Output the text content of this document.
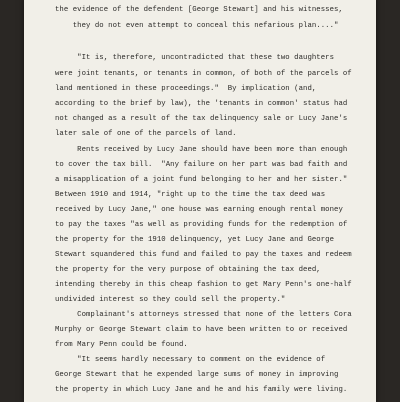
the evidence of the defendent [George Stewart] and his witnesses,
they do not even attempt to conceal this nefarious plan...."
"It is, therefore, uncontradicted that these two daughters
were joint tenants, or tenants in common, of both of the parcels of
land mentioned in these proceedings."  By implication (and,
according to the brief by law), the 'tenants in common' status had
not changed as a result of the tax delinquency sale or Lucy Jane's
later sale of one of the parcels of land.
Rents received by Lucy Jane should have been more than enough
to cover the tax bill.  "Any failure on her part was bad faith and
a misapplication of a joint fund belonging to her and her sister."
Between 1910 and 1914, "right up to the time the tax deed was
received by Lucy Jane," one house was earning enough rental money
to pay the taxes "as well as providing funds for the redemption of
the property for the 1910 delinquency, yet Lucy Jane and George
Stewart squandered this fund and failed to pay the taxes and redeem
the property for the very purpose of obtaining the tax deed,
intending thereby in this cheap fashion to get Mary Penn's one-half
undivided interest so they could sell the property."
Complainant's attorneys stressed that none of the letters Cora
Murphy or George Stewart claim to have been written to or received
from Mary Penn could be found.
"It seems hardly necessary to comment on the evidence of
George Stewart that he expended large sums of money in improving
the property in which Lucy Jane and he and his family were living.
